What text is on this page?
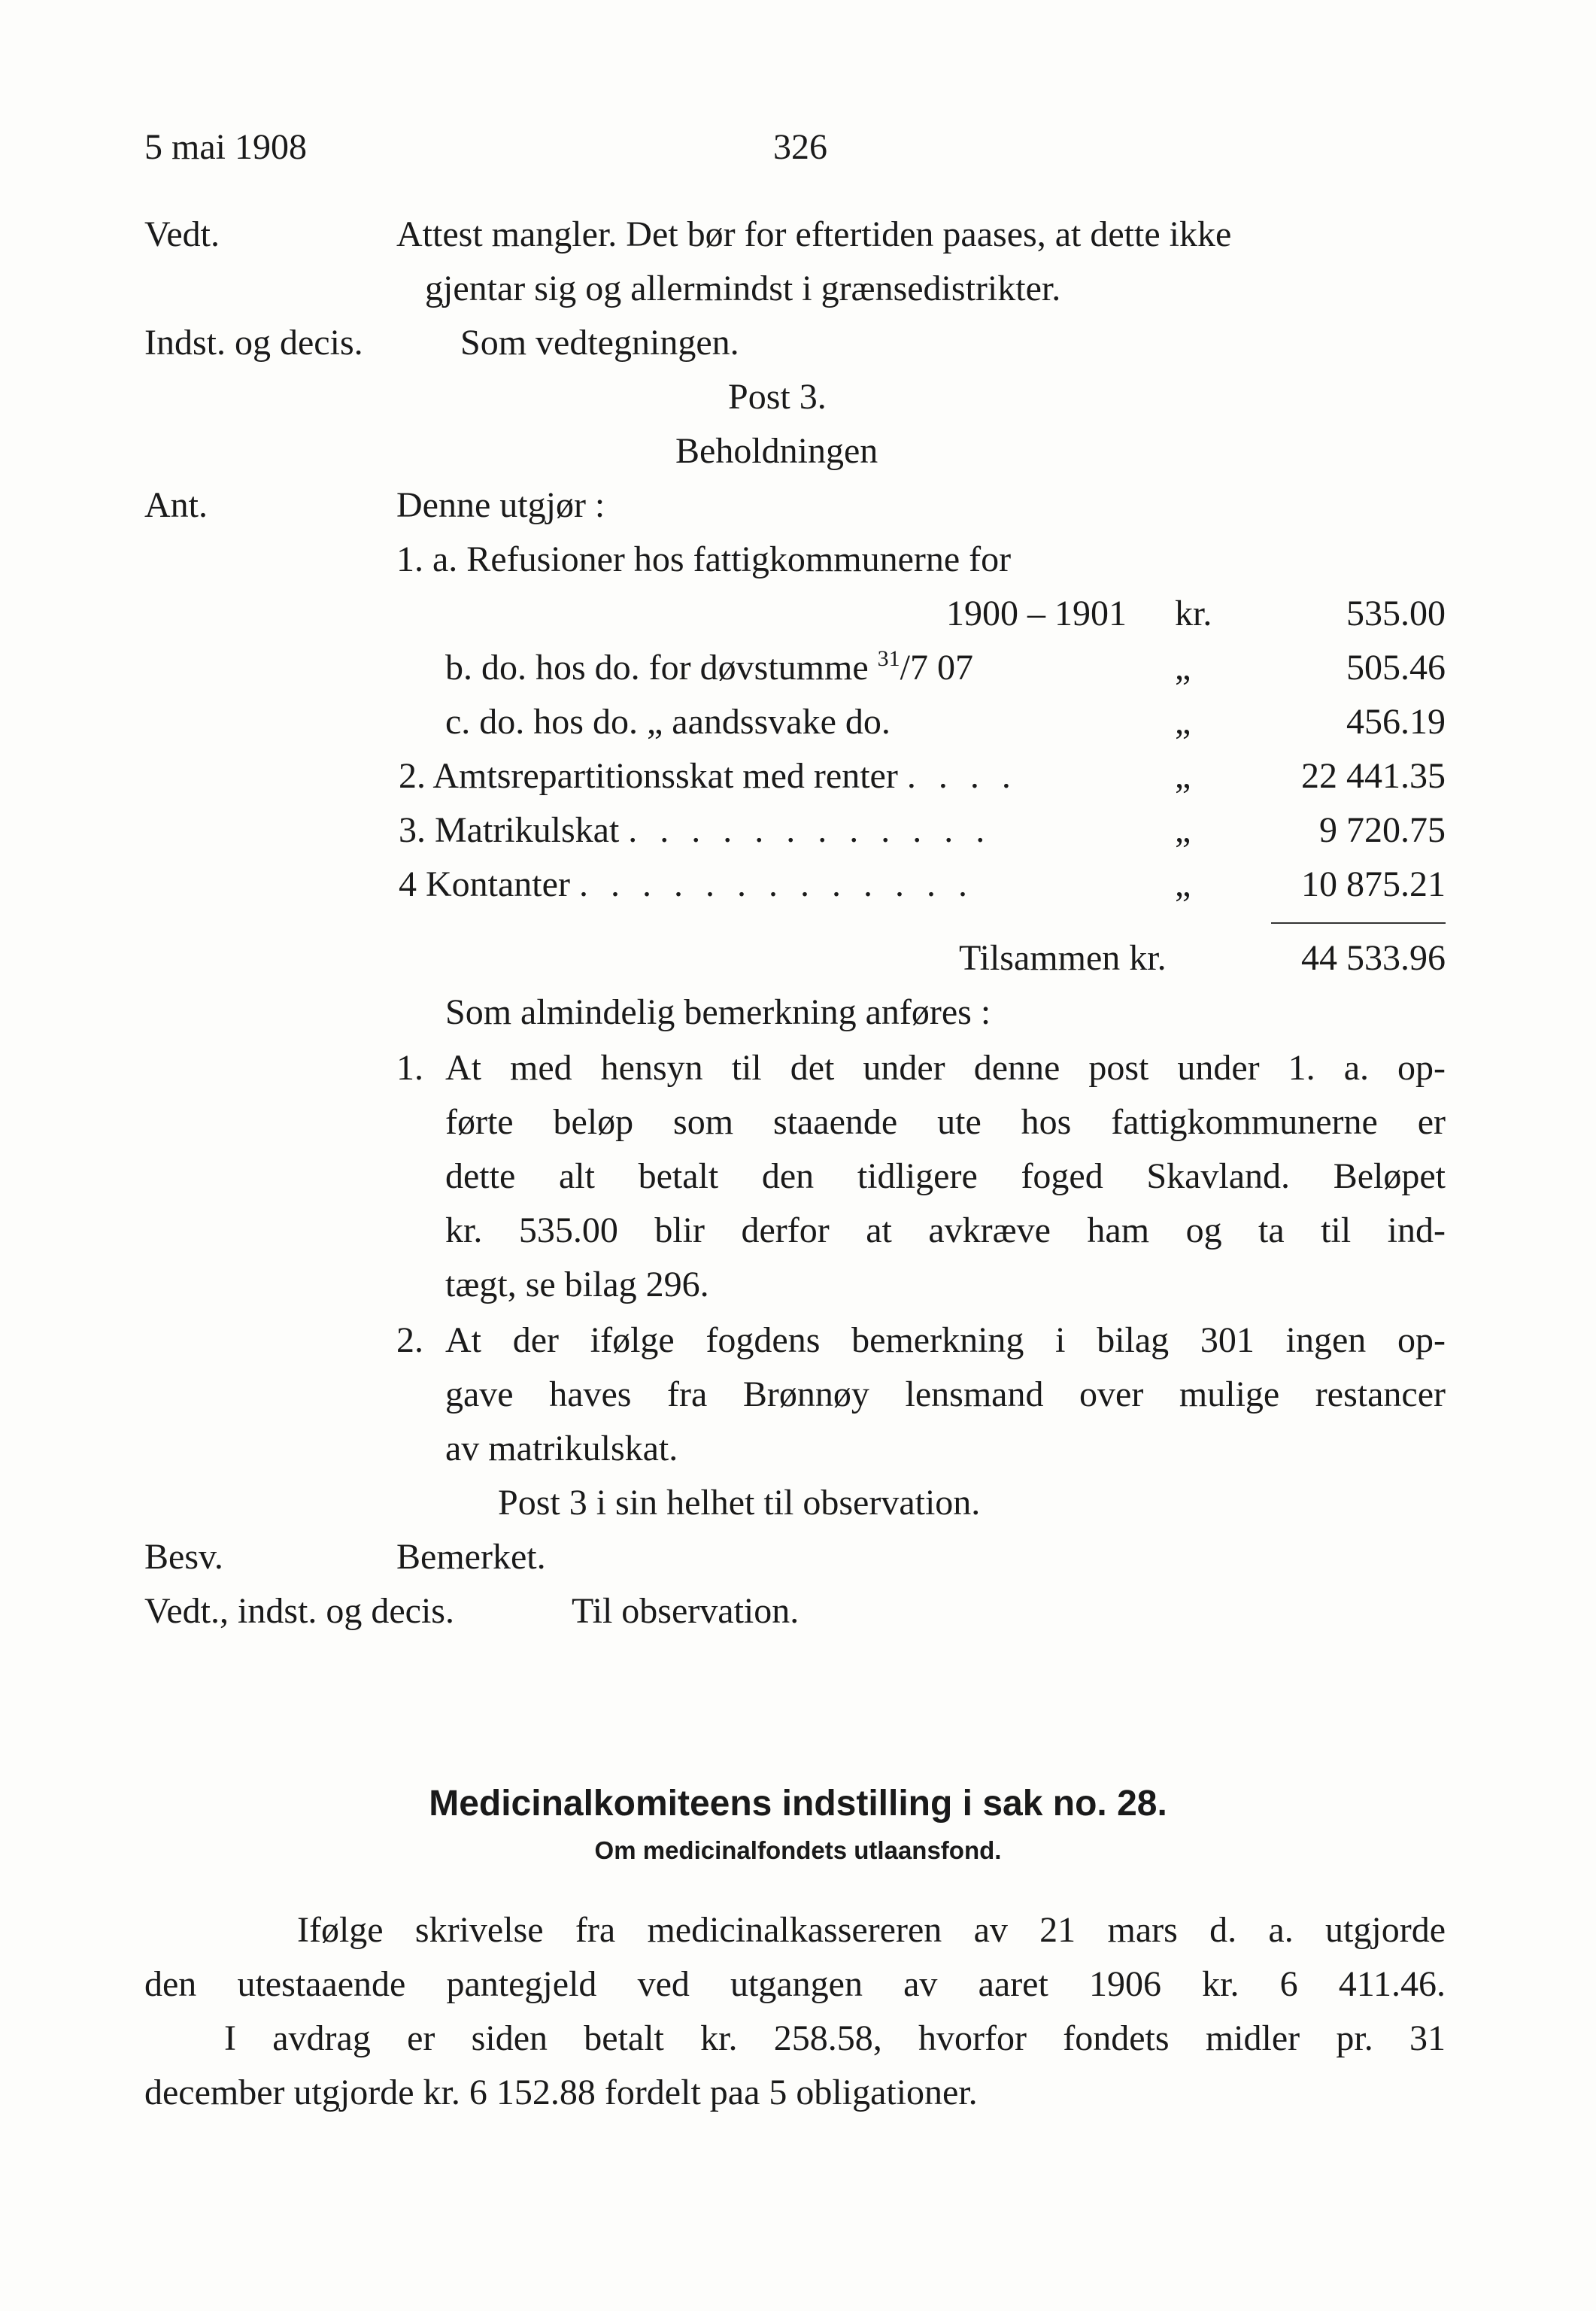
5 mai 1908	326
Vedt.	Attest mangler. Det bør for eftertiden paases, at dette ikke
gjentar sig og allermindst i grænsedistrikter.
Indst. og decis.	Som vedtegningen.
Post 3.
Beholdningen
Ant.	Denne utgjør :
1. a. Refusioner hos fattigkommunerne for
1900 – 1901 kr.	535.00
b. do. hos do. for døvstumme $^{31}$/7 07	„	505.46
c. do. hos do. „ aandssvake do.	„	456.19
2. Amtsrepartitionsskat med renter . . . .	„	22 441.35
3. Matrikulskat . . . . . . . . . . . .	„	9 720.75
4 Kontanter . . . . . . . . . . . . .	„	10 875.21
Tilsammen kr.	44 533.96
Som almindelig bemerkning anføres :
1. At med hensyn til det under denne post under 1. a. op-
førte beløp som staaende ute hos fattigkommunerne er
dette alt betalt den tidligere foged Skavland. Beløpet
kr. 535.00 blir derfor at avkræve ham og ta til ind-
tægt, se bilag 296.
2. At der ifølge fogdens bemerkning i bilag 301 ingen op-
gave haves fra Brønnøy lensmand over mulige restancer
av matrikulskat.
Post 3 i sin helhet til observation.
Besv.	Bemerket.
Vedt., indst. og decis.	Til observation.
Medicinalkomiteens indstilling i sak no. 28.
Om medicinalfondets utlaansfond.
Ifølge skrivelse fra medicinalkassereren av 21 mars d. a. utgjorde
den utestaaende pantegjeld ved utgangen av aaret 1906 kr. 6 411.46.
I avdrag er siden betalt kr. 258.58, hvorfor fondets midler pr. 31
december utgjorde kr. 6 152.88 fordelt paa 5 obligationer.
